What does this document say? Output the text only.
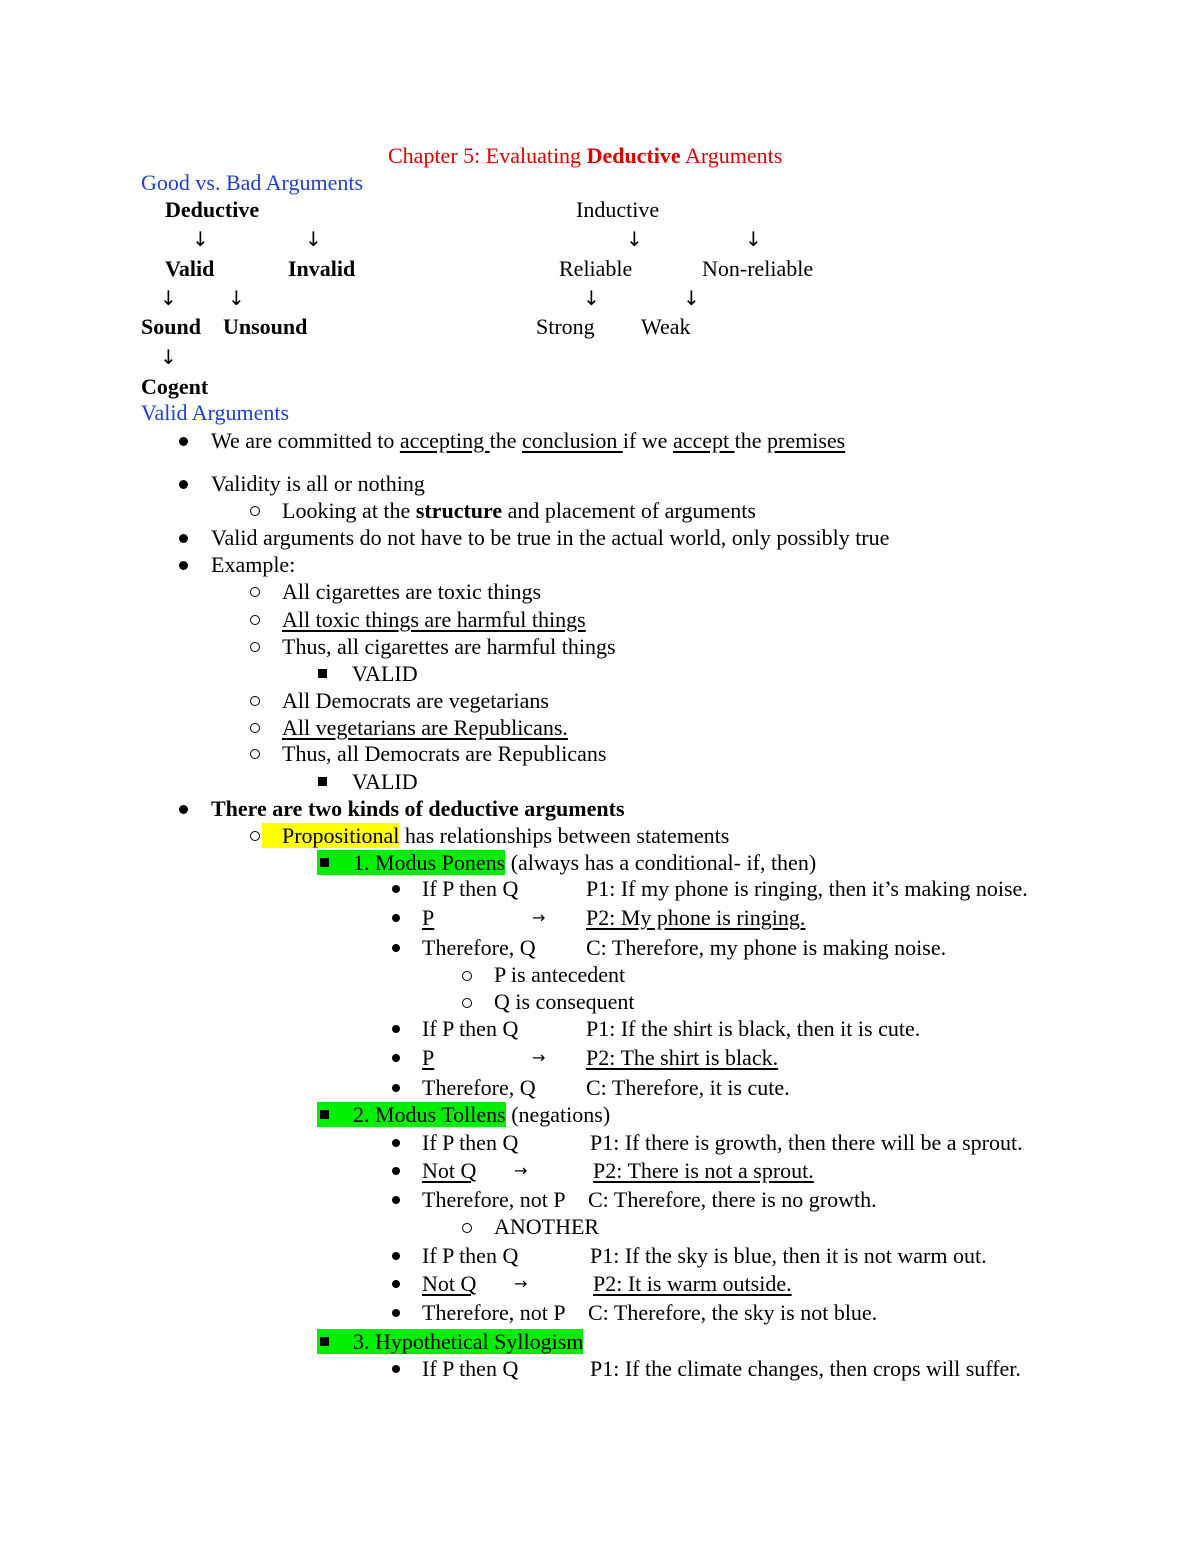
Chapter 5: Evaluating Deductive Arguments
Good vs. Bad Arguments
Deductive	Inductive
↓	↓	↓	↓
Valid	Invalid	Reliable	Non-reliable
↓	↓	↓	↓
Sound Unsound	Strong Weak
↓
Cogent
Valid Arguments
We are committed to accepting the conclusion if we accept the premises
Validity is all or nothing
Looking at the structure and placement of arguments
Valid arguments do not have to be true in the actual world, only possibly true
Example:
All cigarettes are toxic things
All toxic things are harmful things
Thus, all cigarettes are harmful things
VALID
All Democrats are vegetarians
All vegetarians are Republicans.
Thus, all Democrats are Republicans
VALID
There are two kinds of deductive arguments
Propositional has relationships between statements
1. Modus Ponens (always has a conditional- if, then)
If P then Q	P1: If my phone is ringing, then it’s making noise.
P	→ P2: My phone is ringing.
Therefore, Q C: Therefore, my phone is making noise.
P is antecedent
Q is consequent
If P then Q	P1: If the shirt is black, then it is cute.
P	→ P2: The shirt is black.
Therefore, Q C: Therefore, it is cute.
2. Modus Tollens (negations)
If P then Q	P1: If there is growth, then there will be a sprout.
Not Q →	P2: There is not a sprout.
Therefore, not P C: Therefore, there is no growth.
ANOTHER
If P then Q	P1: If the sky is blue, then it is not warm out.
Not Q →	P2: It is warm outside.
Therefore, not P C: Therefore, the sky is not blue.
3. Hypothetical Syllogism
If P then Q	P1: If the climate changes, then crops will suffer.
